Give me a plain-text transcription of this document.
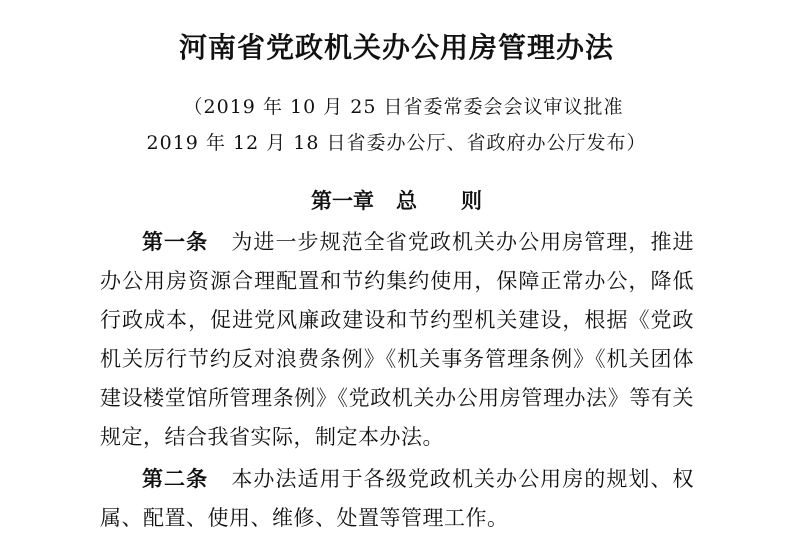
河南省党政机关办公用房管理办法

（2019 年 10 月 25 日省委常委会会议审议批准

2019 年 12 月 18 日省委办公厅、省政府办公厅发布）

第一章 总 则

第一条 为进一步规范全省党政机关办公用房管理，推进办公用房资源合理配置和节约集约使用，保障正常办公，降低行政成本，促进党风廉政建设和节约型机关建设，根据《党政机关厉行节约反对浪费条例》《机关事务管理条例》《机关团体建设楼堂馆所管理条例》《党政机关办公用房管理办法》等有关规定，结合我省实际，制定本办法。

第二条 本办法适用于各级党政机关办公用房的规划、权属、配置、使用、维修、处置等管理工作。
